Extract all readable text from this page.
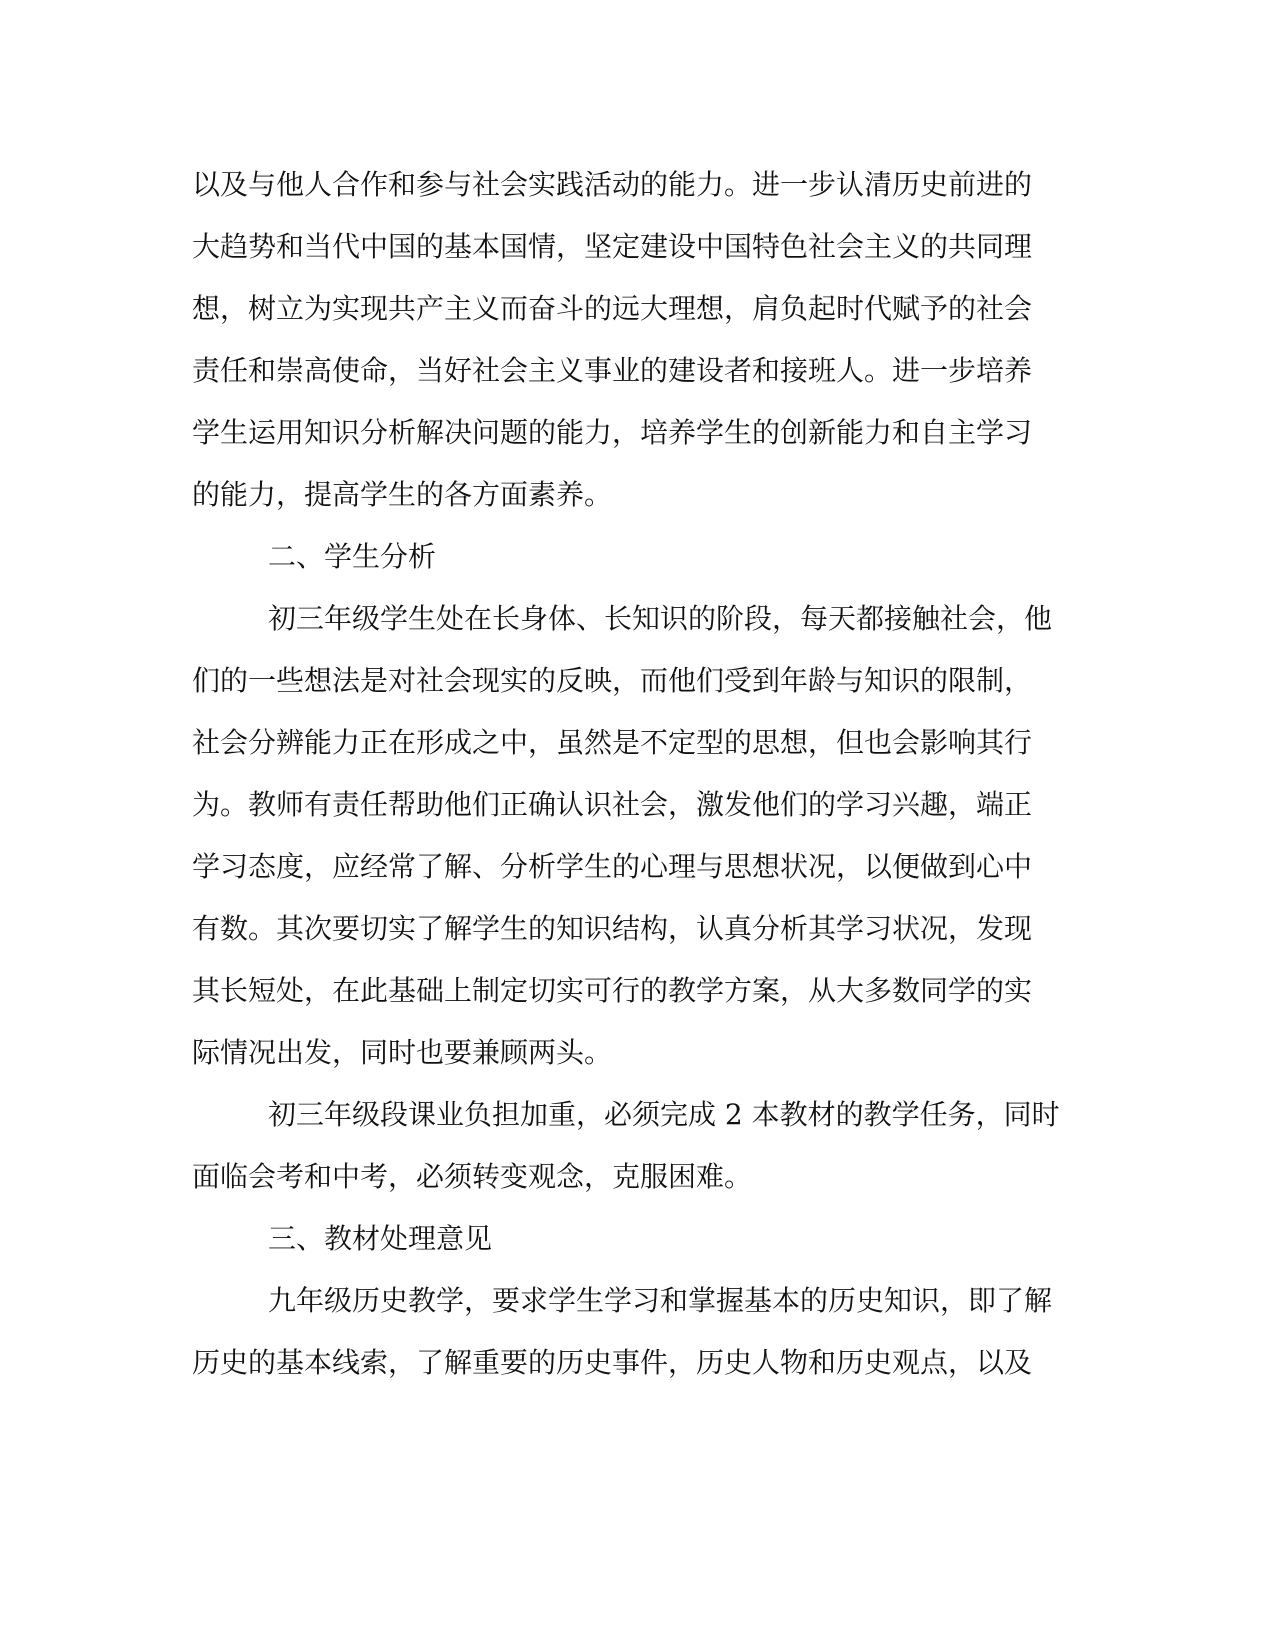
以及与他人合作和参与社会实践活动的能力。进一步认清历史前进的
大趋势和当代中国的基本国情，坚定建设中国特色社会主义的共同理
想，树立为实现共产主义而奋斗的远大理想，肩负起时代赋予的社会
责任和崇高使命，当好社会主义事业的建设者和接班人。进一步培养
学生运用知识分析解决问题的能力，培养学生的创新能力和自主学习
的能力，提高学生的各方面素养。
二、学生分析
初三年级学生处在长身体、长知识的阶段，每天都接触社会，他
们的一些想法是对社会现实的反映，而他们受到年龄与知识的限制，
社会分辨能力正在形成之中，虽然是不定型的思想，但也会影响其行
为。教师有责任帮助他们正确认识社会，激发他们的学习兴趣，端正
学习态度，应经常了解、分析学生的心理与思想状况，以便做到心中
有数。其次要切实了解学生的知识结构，认真分析其学习状况，发现
其长短处，在此基础上制定切实可行的教学方案，从大多数同学的实
际情况出发，同时也要兼顾两头。
初三年级段课业负担加重，必须完成 2 本教材的教学任务，同时
面临会考和中考，必须转变观念，克服困难。
三、教材处理意见
九年级历史教学，要求学生学习和掌握基本的历史知识，即了解
历史的基本线索，了解重要的历史事件，历史人物和历史观点，以及
